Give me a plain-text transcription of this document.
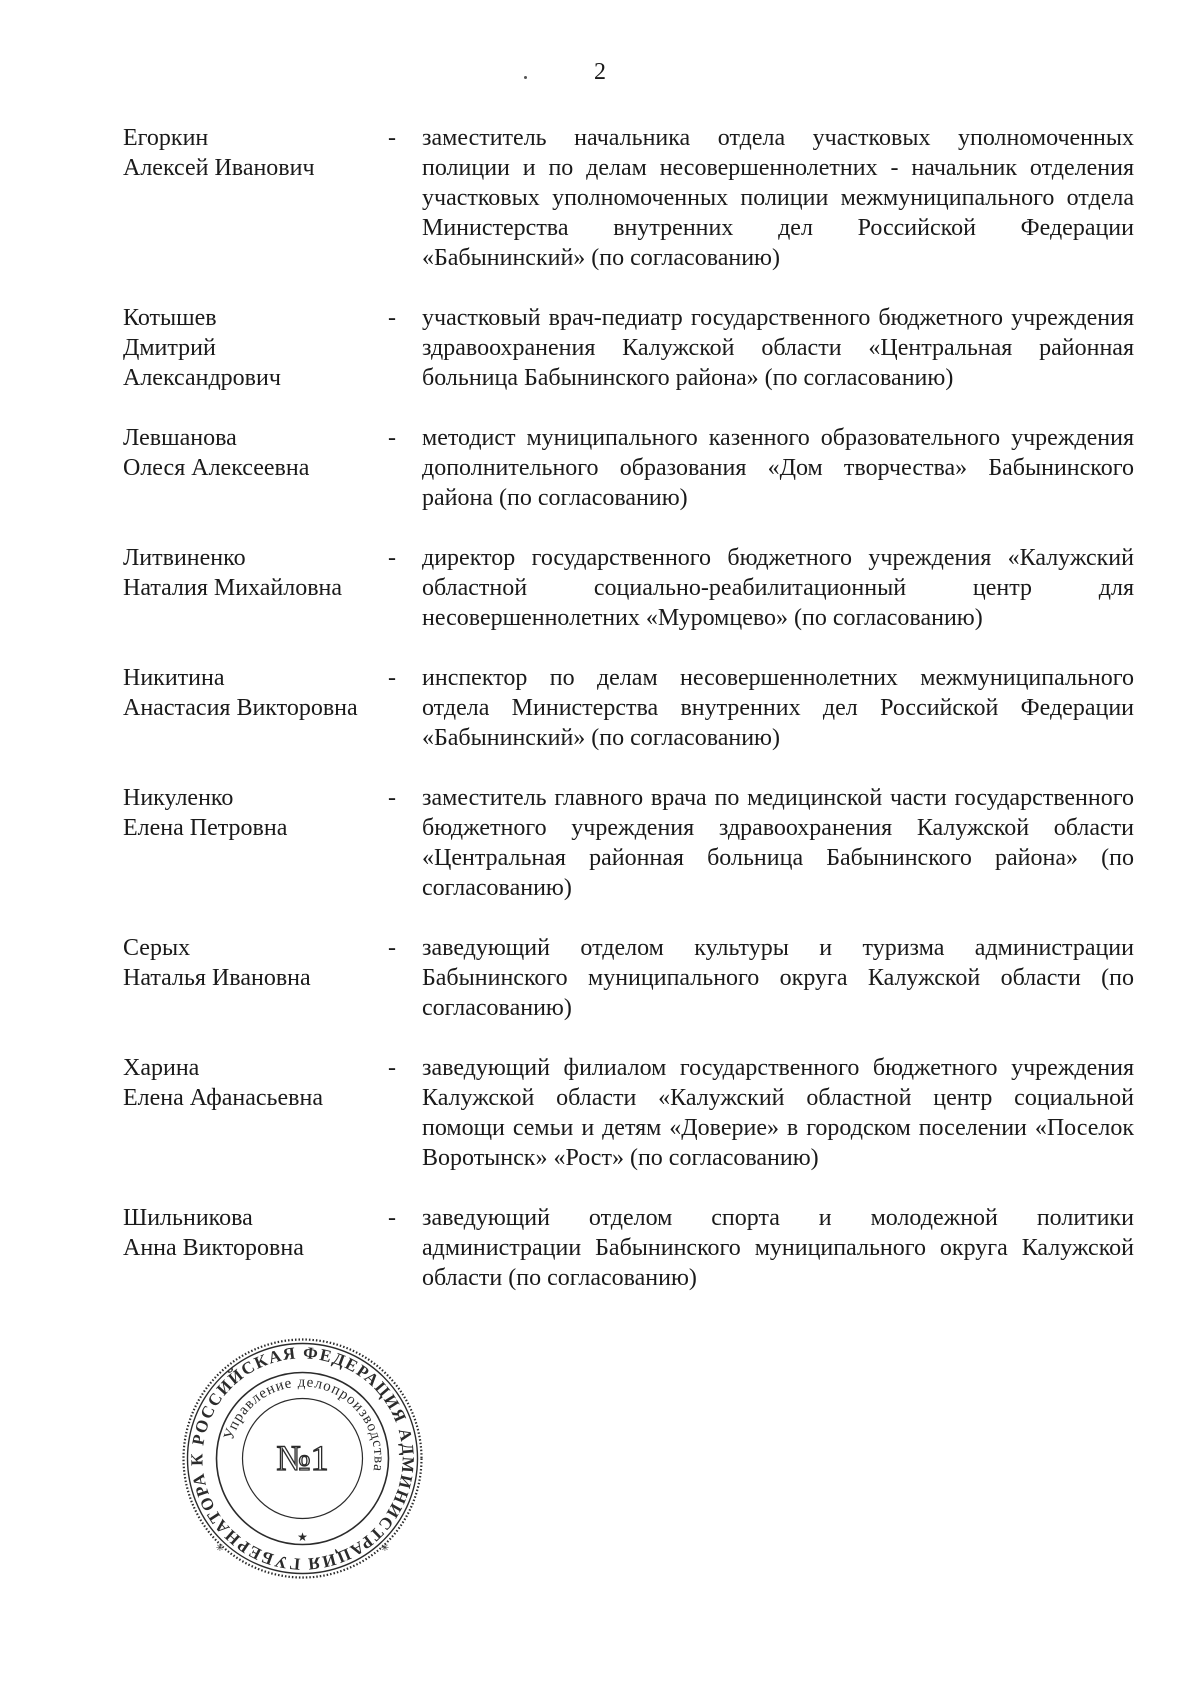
2
Егоркин
Алексей Иванович
- заместитель начальника отдела участковых уполномоченных полиции и по делам несовершеннолетних - начальник отделения участковых уполномоченных полиции межмуниципального отдела Министерства внутренних дел Российской Федерации «Бабынинский» (по согласованию)
Котышев
Дмитрий
Александрович
- участковый врач-педиатр государственного бюджетного учреждения здравоохранения Калужской области «Центральная районная больница Бабынинского района» (по согласованию)
Левшанова
Олеся Алексеевна
- методист муниципального казенного образовательного учреждения дополнительного образования «Дом творчества» Бабынинского района (по согласованию)
Литвиненко
Наталия Михайловна
- директор государственного бюджетного учреждения «Калужский областной социально-реабилитационный центр для несовершеннолетних «Муромцево» (по согласованию)
Никитина
Анастасия Викторовна
- инспектор по делам несовершеннолетних межмуниципального отдела Министерства внутренних дел Российской Федерации «Бабынинский» (по согласованию)
Никуленко
Елена Петровна
- заместитель главного врача по медицинской части государственного бюджетного учреждения здравоохранения Калужской области «Центральная районная больница Бабынинского района» (по согласованию)
Серых
Наталья Ивановна
- заведующий отделом культуры и туризма администрации Бабынинского муниципального округа Калужской области (по согласованию)
Харина
Елена Афанасьевна
- заведующий филиалом государственного бюджетного учреждения Калужской области «Калужский областной центр социальной помощи семьи и детям «Доверие» в городском поселении «Поселок Воротынск» «Рост» (по согласованию)
Шильникова
Анна Викторовна
- заведующий отделом спорта и молодежной политики администрации Бабынинского муниципального округа Калужской области (по согласованию)
РОССИЙСКАЯ ФЕДЕРАЦИЯ АДМИНИСТРАЦИЯ ГУБЕРНАТОРА К
Управление делопроизводства
№1
★
✳	✳
